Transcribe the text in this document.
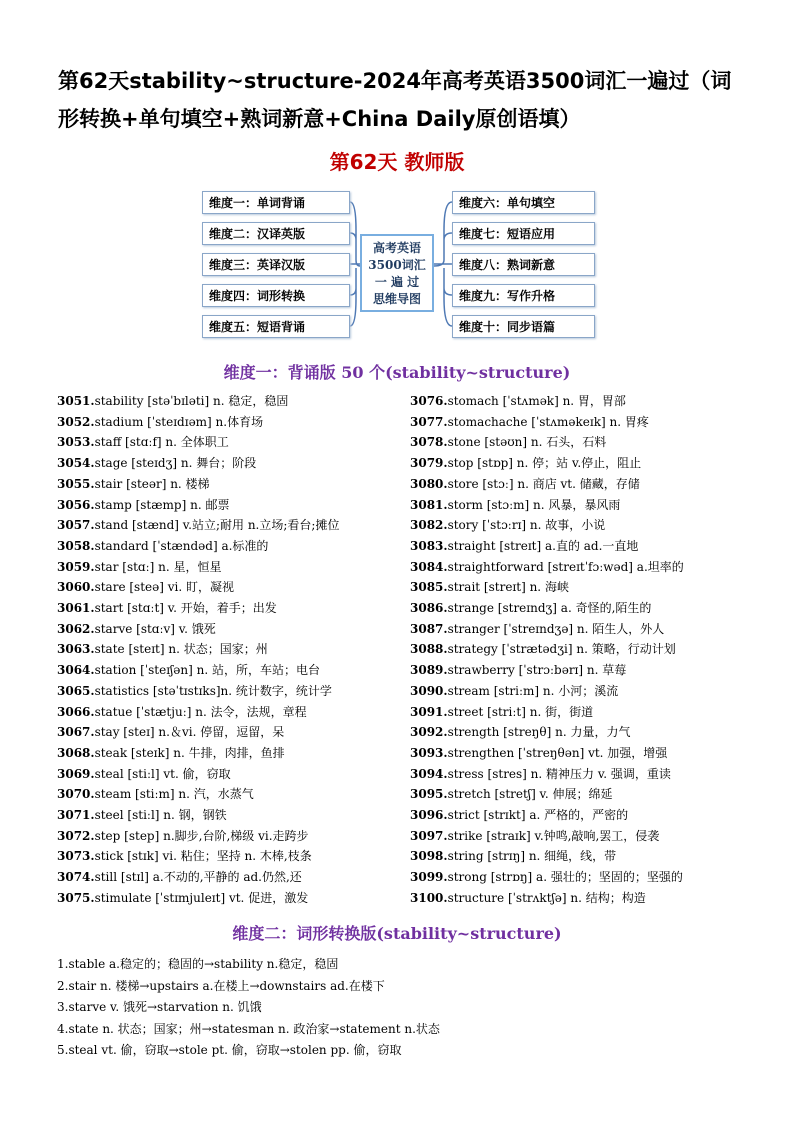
第62天stability~structure-2024年高考英语3500词汇一遍过（词形转换+单句填空+熟词新意+China Daily原创语填）
第62天 教师版
维度一：单词背诵
维度二：汉译英版
维度三：英译汉版
维度四：词形转换
维度五：短语背诵
高考英语
3500词汇
一 遍 过
思维导图
维度六：单句填空
维度七：短语应用
维度八：熟词新意
维度九：写作升格
维度十：同步语篇
维度一：背诵版 50 个(stability~structure)
3051.stability [stəˈbɪləti] n. 稳定，稳固
3052.stadium [ˈsteɪdɪəm] n.体育场
3053.staff [stɑːf] n. 全体职工
3054.stage [steɪdʒ] n. 舞台；阶段
3055.stair [steər] n. 楼梯
3056.stamp [stæmp] n. 邮票
3057.stand [stænd] v.站立;耐用 n.立场;看台;摊位
3058.standard [ˈstændəd] a.标准的
3059.star [stɑː] n. 星，恒星
3060.stare [steə] vi. 盯，凝视
3061.start [stɑːt] v. 开始，着手；出发
3062.starve [stɑːv] v. 饿死
3063.state [steɪt] n. 状态；国家；州
3064.station [ˈsteɪʃən] n. 站，所，车站；电台
3065.statistics [stəˈtɪstɪks]n. 统计数字，统计学
3066.statue [ˈstætjuː] n. 法令，法规，章程
3067.stay [steɪ] n.＆vi. 停留，逗留，呆
3068.steak [steɪk] n. 牛排，肉排，鱼排
3069.steal [stiːl] vt. 偷，窃取
3070.steam [stiːm] n. 汽，水蒸气
3071.steel [stiːl] n. 钢，钢铁
3072.step [step] n.脚步,台阶,梯级 vi.走跨步
3073.stick [stɪk] vi. 粘住；坚持 n. 木棒,枝条
3074.still [stɪl] a.不动的,平静的 ad.仍然,还
3075.stimulate [ˈstɪmjuleɪt] vt. 促进，激发
3076.stomach [ˈstʌmək] n. 胃，胃部
3077.stomachache [ˈstʌməkeɪk] n. 胃疼
3078.stone [stəʊn] n. 石头，石料
3079.stop [stɒp] n. 停；站 v.停止，阻止
3080.store [stɔː] n. 商店 vt. 储藏，存储
3081.storm [stɔːm] n. 风暴，暴风雨
3082.story [ˈstɔːrɪ] n. 故事，小说
3083.straight [streɪt] a.直的 ad.一直地
3084.straightforward [streɪtˈfɔːwəd] a.坦率的
3085.strait [streɪt] n. 海峡
3086.strange [streɪndʒ] a. 奇怪的,陌生的
3087.stranger [ˈstreɪndʒə] n. 陌生人，外人
3088.strategy [ˈstrætədʒi] n. 策略，行动计划
3089.strawberry [ˈstrɔːbərɪ] n. 草莓
3090.stream [striːm] n. 小河；溪流
3091.street [striːt] n. 街，街道
3092.strength [streŋθ] n. 力量，力气
3093.strengthen [ˈstreŋθən] vt. 加强，增强
3094.stress [stres] n. 精神压力 v. 强调，重读
3095.stretch [stretʃ] v. 伸展；绵延
3096.strict [strɪkt] a. 严格的，严密的
3097.strike [straɪk] v.钟鸣,敲响,罢工，侵袭
3098.string [strɪŋ] n. 细绳，线，带
3099.strong [strɒŋ] a. 强壮的；坚固的；坚强的
3100.structure [ˈstrʌktʃə] n. 结构；构造
维度二：词形转换版(stability~structure)
1.stable a.稳定的；稳固的→stability n.稳定，稳固
2.stair n. 楼梯→upstairs a.在楼上→downstairs ad.在楼下
3.starve v. 饿死→starvation n. 饥饿
4.state n. 状态；国家；州→statesman n. 政治家→statement n.状态
5.steal vt. 偷，窃取→stole pt. 偷，窃取→stolen pp. 偷，窃取
